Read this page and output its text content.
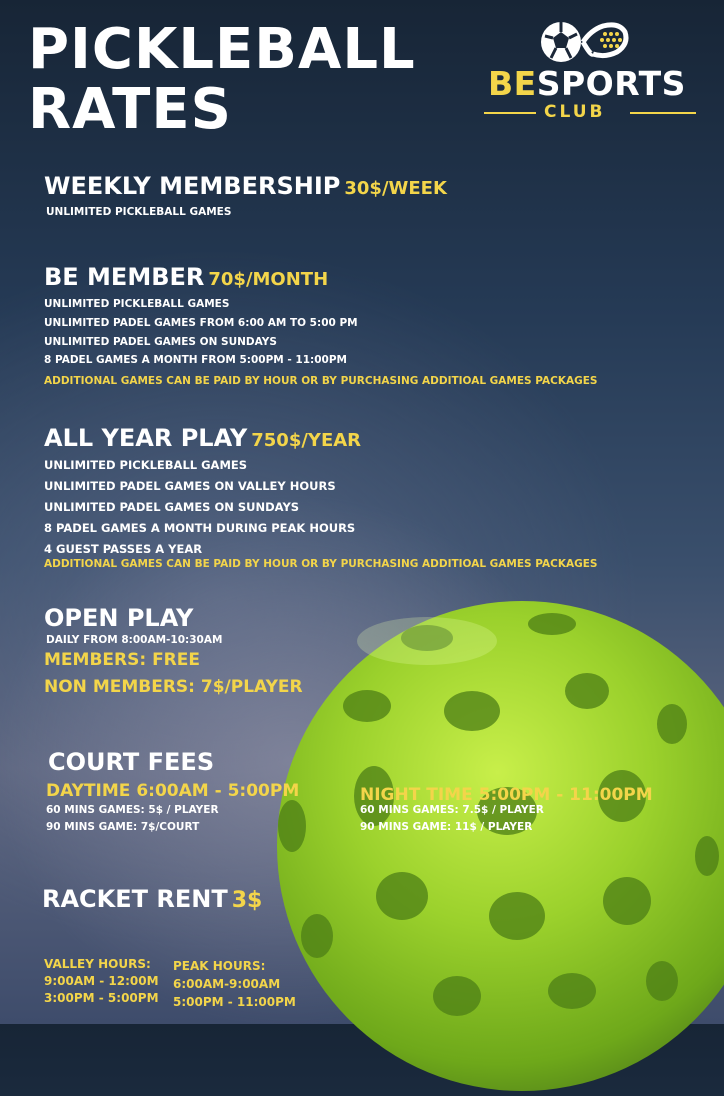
BESPORTS
CLUB
PICKLEBALL
RATES
WEEKLY MEMBERSHIP 30$/WEEK
UNLIMITED PICKLEBALL GAMES
BE MEMBER 70$/MONTH
UNLIMITED PICKLEBALL GAMES
UNLIMITED PADEL GAMES FROM 6:00 AM TO 5:00 PM
UNLIMITED PADEL GAMES ON SUNDAYS
8 PADEL GAMES A MONTH FROM 5:00PM - 11:00PM
ADDITIONAL GAMES CAN BE PAID BY HOUR OR BY PURCHASING ADDITIOAL GAMES PACKAGES
ALL YEAR PLAY 750$/YEAR
UNLIMITED PICKLEBALL GAMES
UNLIMITED PADEL GAMES ON VALLEY HOURS
UNLIMITED PADEL GAMES ON SUNDAYS
8 PADEL GAMES A MONTH DURING PEAK HOURS
4 GUEST PASSES A YEAR
ADDITIONAL GAMES CAN BE PAID BY HOUR OR BY PURCHASING ADDITIOAL GAMES PACKAGES
OPEN PLAY
DAILY FROM 8:00AM-10:30AM
MEMBERS: FREE
NON MEMBERS: 7$/PLAYER
COURT FEES
DAYTIME 6:00AM - 5:00PM
60 MINS GAMES: 5$ / PLAYER
90 MINS GAME: 7$/COURT
NIGHT TIME 5:00PM - 11:00PM
60 MINS GAMES: 7.5$ / PLAYER
90 MINS GAME: 11$ / PLAYER
RACKET RENT 3$
VALLEY HOURS:
9:00AM - 12:00M
3:00PM - 5:00PM
PEAK HOURS:
6:00AM-9:00AM
5:00PM - 11:00PM
